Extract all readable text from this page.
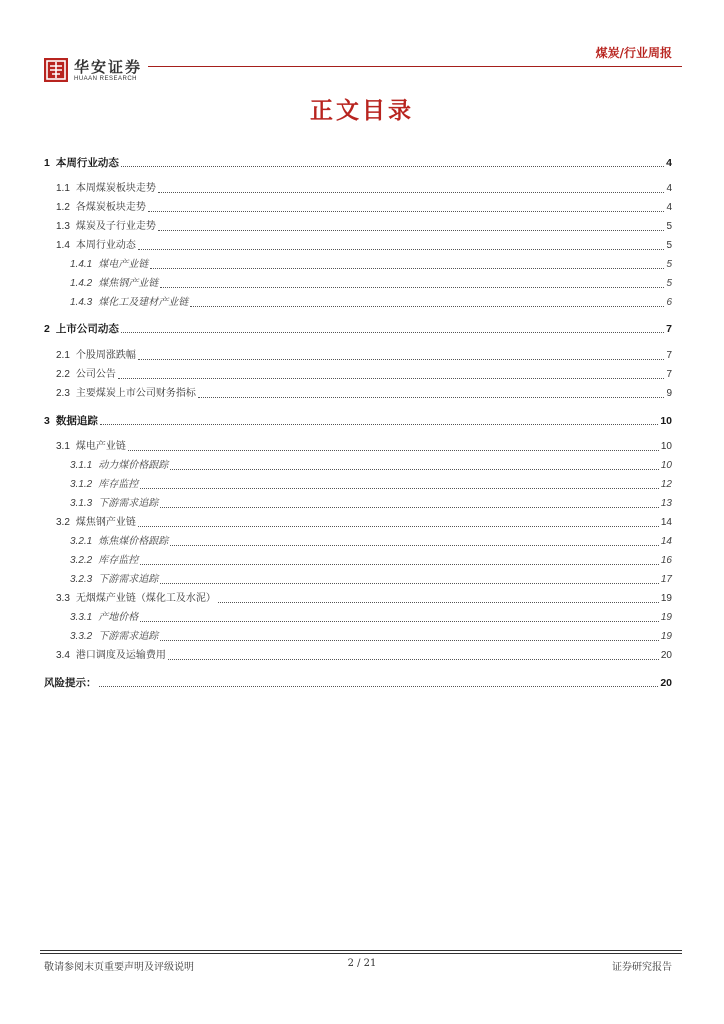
华安证券
HUAAN RESEARCH
煤炭/行业周报
正文目录
1 本周行业动态	4
1.1 本周煤炭板块走势	4
1.2 各煤炭板块走势	4
1.3 煤炭及子行业走势	5
1.4 本周行业动态	5
1.4.1 煤电产业链	5
1.4.2 煤焦钢产业链	5
1.4.3 煤化工及建材产业链	6
2 上市公司动态	7
2.1 个股周涨跌幅	7
2.2 公司公告	7
2.3 主要煤炭上市公司财务指标	9
3 数据追踪	10
3.1 煤电产业链	10
3.1.1 动力煤价格跟踪	10
3.1.2 库存监控	12
3.1.3 下游需求追踪	13
3.2 煤焦钢产业链	14
3.2.1 炼焦煤价格跟踪	14
3.2.2 库存监控	16
3.2.3 下游需求追踪	17
3.3 无烟煤产业链（煤化工及水泥）	19
3.3.1 产地价格	19
3.3.2 下游需求追踪	19
3.4 港口调度及运输费用	20
风险提示：	20
敬请参阅末页重要声明及评级说明	2 / 21	证券研究报告
